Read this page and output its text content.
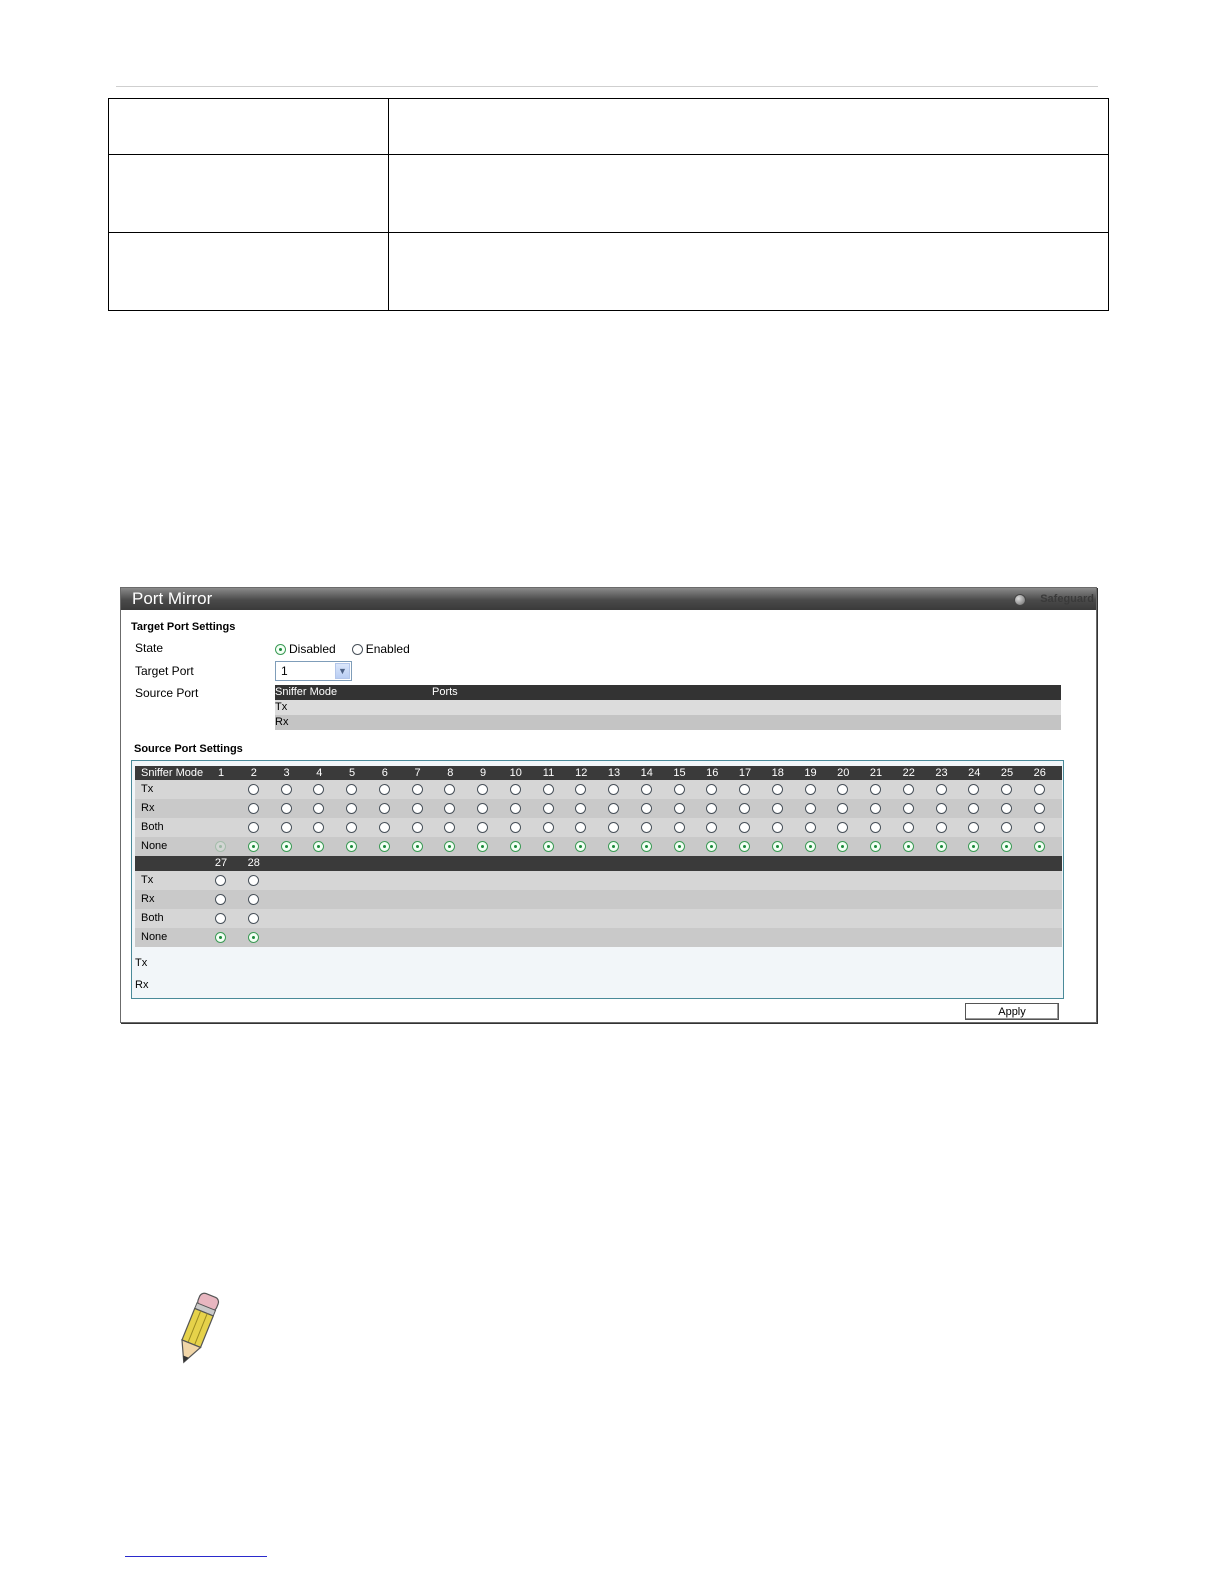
Port Mirror	Safeguard
Target Port Settings
State	Disabled	Enabled
Target Port	1	▼
Source Port	Sniffer Mode	Ports
Tx
Rx
Source Port Settings
Sniffer Mode	1	2	3	4	5	6	7	8	9	10	11	12	13	14	15	16	17	18	19	20	21	22	23	24	25	26
Tx
Rx
Both
None
27	28
Tx
Rx
Both
None
Tx
Rx
Apply
